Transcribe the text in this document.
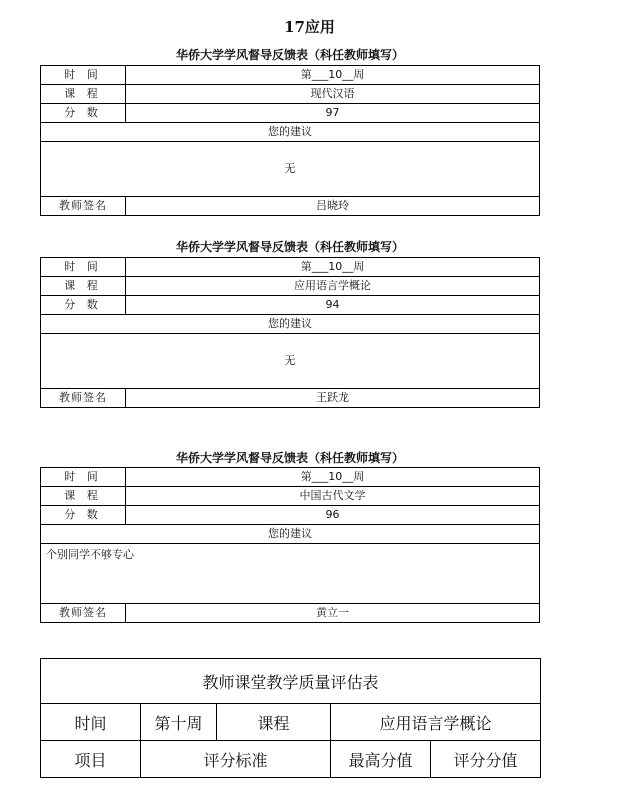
17应用
华侨大学学风督导反馈表（科任教师填写）
时 间	第___10__周
课 程	现代汉语
分 数	97
您的建议	
无	
教师签名	吕晓玲
华侨大学学风督导反馈表（科任教师填写）
时 间	第___10__周
课 程	应用语言学概论
分 数	94
您的建议	
无	
教师签名	王跃龙
华侨大学学风督导反馈表（科任教师填写）
时 间	第___10__周
课 程	中国古代文学
分 数	96
您的建议	
个别同学不够专心	
教师签名	黄立一
教师课堂教学质量评估表				
时间	第十周	课程	应用语言学概论	
项目	评分标准		最高分值	评分分值
